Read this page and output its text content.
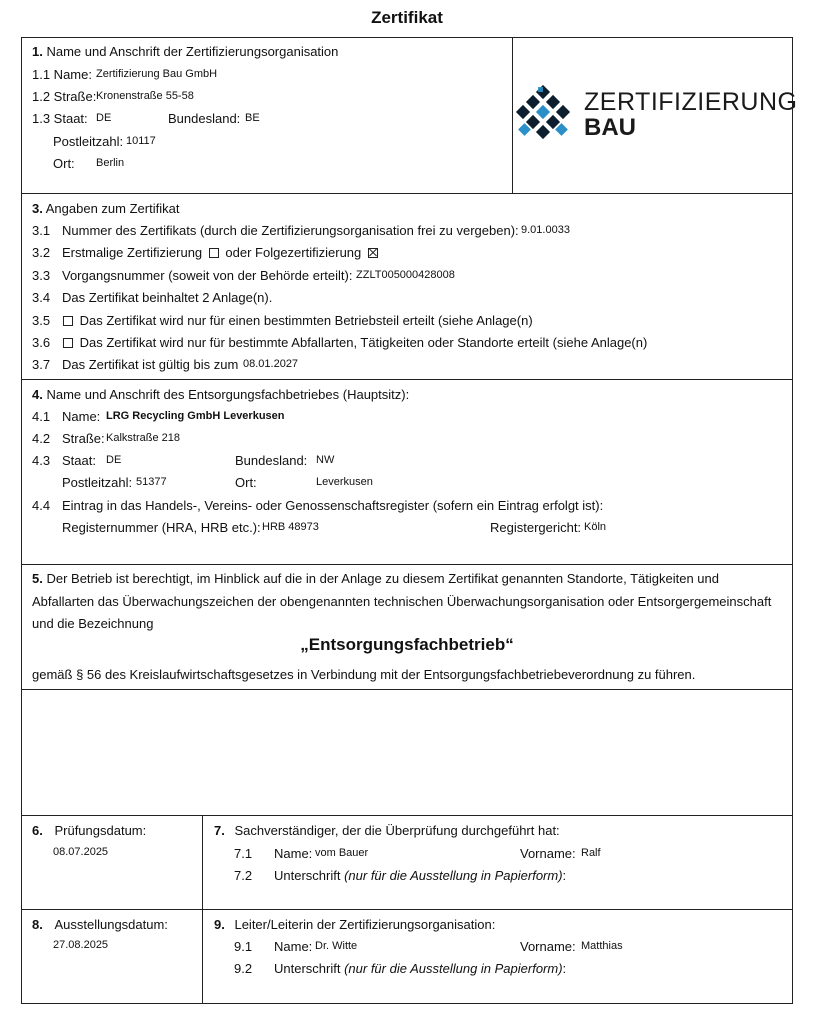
Zertifikat
1. Name und Anschrift der Zertifizierungsorganisation
1.1 Name: Zertifizierung Bau GmbH
1.2 Straße: Kronenstraße 55-58
1.3 Staat: DE	Bundesland: BE
Postleitzahl: 10117
Ort: Berlin
ZERTIFIZIERUNG
BAU
3. Angaben zum Zertifikat
3.1 Nummer des Zertifikats (durch die Zertifizierungsorganisation frei zu vergeben): 9.01.0033
3.2 Erstmalige Zertifizierung oder Folgezertifizierung
3.3 Vorgangsnummer (soweit von der Behörde erteilt): ZZLT005000428008
3.4 Das Zertifikat beinhaltet 2 Anlage(n).
3.5	Das Zertifikat wird nur für einen bestimmten Betriebsteil erteilt (siehe Anlage(n)
3.6	Das Zertifikat wird nur für bestimmte Abfallarten, Tätigkeiten oder Standorte erteilt (siehe Anlage(n)
3.7 Das Zertifikat ist gültig bis zum 08.01.2027
4. Name und Anschrift des Entsorgungsfachbetriebes (Hauptsitz):
4.1 Name: LRG Recycling GmbH Leverkusen
4.2 Straße: Kalkstraße 218
4.3 Staat: DE	Bundesland: NW
Postleitzahl: 51377	Ort:	Leverkusen
4.4 Eintrag in das Handels-, Vereins- oder Genossenschaftsregister (sofern ein Eintrag erfolgt ist):
Registernummer (HRA, HRB etc.): HRB 48973	Registergericht: Köln
5. Der Betrieb ist berechtigt, im Hinblick auf die in der Anlage zu diesem Zertifikat genannten Standorte, Tätigkeiten und
Abfallarten das Überwachungszeichen der obengenannten technischen Überwachungsorganisation oder Entsorgergemeinschaft
und die Bezeichnung
„Entsorgungsfachbetrieb“
gemäß § 56 des Kreislaufwirtschaftsgesetzes in Verbindung mit der Entsorgungsfachbetriebeverordnung zu führen.
6. Prüfungsdatum:
08.07.2025
7. Sachverständiger, der die Überprüfung durchgeführt hat:
7.1 Name: vom Bauer	Vorname: Ralf
7.2 Unterschrift (nur für die Ausstellung in Papierform):
8. Ausstellungsdatum:
27.08.2025
9. Leiter/Leiterin der Zertifizierungsorganisation:
9.1 Name: Dr. Witte	Vorname: Matthias
9.2 Unterschrift (nur für die Ausstellung in Papierform):
